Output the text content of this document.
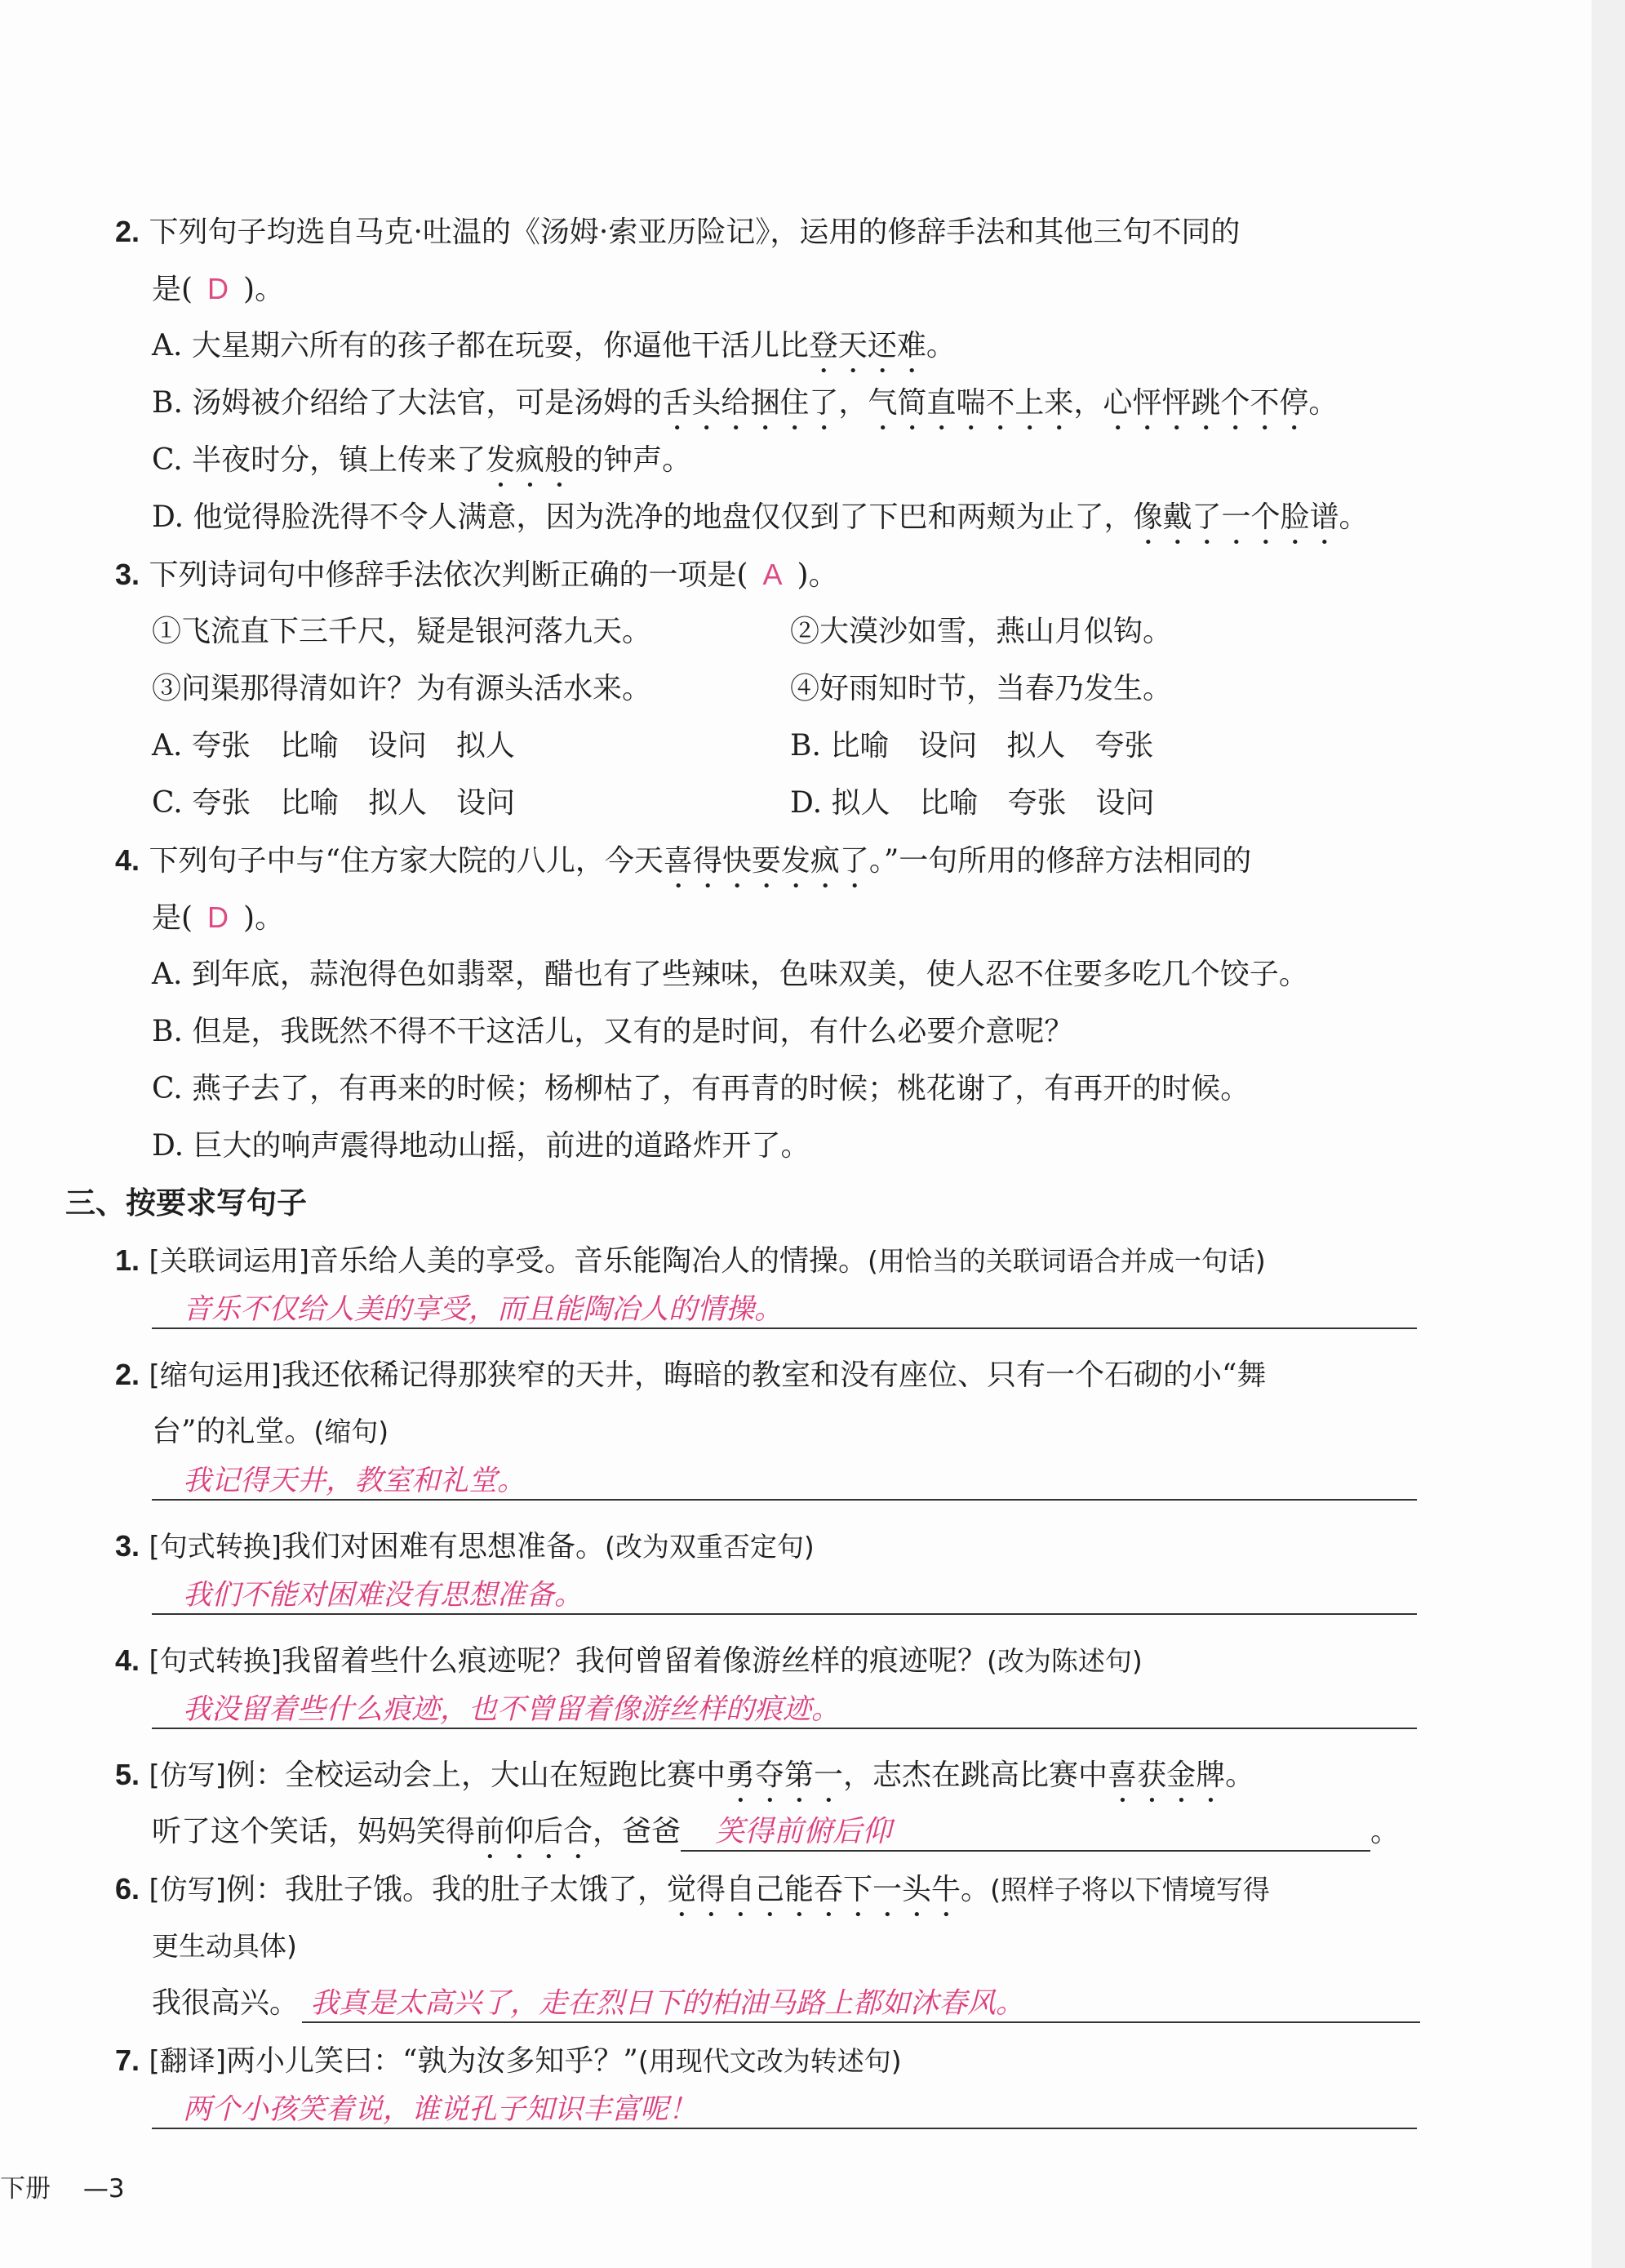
2. 下列句子均选自马克·吐温的《汤姆·索亚历险记》，运用的修辞手法和其他三句不同的
是( D )。
A. 大星期六所有的孩子都在玩耍，你逼他干活儿比登天还难。
B. 汤姆被介绍给了大法官，可是汤姆的舌头给捆住了，气简直喘不上来，心怦怦跳个不停。
C. 半夜时分，镇上传来了发疯般的钟声。
D. 他觉得脸洗得不令人满意，因为洗净的地盘仅仅到了下巴和两颊为止了，像戴了一个脸谱。
3. 下列诗词句中修辞手法依次判断正确的一项是( A )。
①飞流直下三千尺，疑是银河落九天。	②大漠沙如雪，燕山月似钩。
③问渠那得清如许？为有源头活水来。	④好雨知时节，当春乃发生。
A. 夸张　比喻　设问　拟人	B. 比喻　设问　拟人　夸张
C. 夸张　比喻　拟人　设问	D. 拟人　比喻　夸张　设问
4. 下列句子中与“住方家大院的八儿，今天喜得快要发疯了。”一句所用的修辞方法相同的
是( D )。
A. 到年底，蒜泡得色如翡翠，醋也有了些辣味，色味双美，使人忍不住要多吃几个饺子。
B. 但是，我既然不得不干这活儿，又有的是时间，有什么必要介意呢？
C. 燕子去了，有再来的时候；杨柳枯了，有再青的时候；桃花谢了，有再开的时候。
D. 巨大的响声震得地动山摇，前进的道路炸开了。
三、按要求写句子
1. [关联词运用]音乐给人美的享受。音乐能陶冶人的情操。(用恰当的关联词语合并成一句话)
音乐不仅给人美的享受，而且能陶冶人的情操。
2. [缩句运用]我还依稀记得那狭窄的天井，晦暗的教室和没有座位、只有一个石砌的小“舞
台”的礼堂。(缩句)
我记得天井，教室和礼堂。
3. [句式转换]我们对困难有思想准备。(改为双重否定句)
我们不能对困难没有思想准备。
4. [句式转换]我留着些什么痕迹呢？我何曾留着像游丝样的痕迹呢？(改为陈述句)
我没留着些什么痕迹，也不曾留着像游丝样的痕迹。
5. [仿写]例：全校运动会上，大山在短跑比赛中勇夺第一，志杰在跳高比赛中喜获金牌。
听了这个笑话，妈妈笑得前仰后合，爸爸 笑得前俯后仰	。
6. [仿写]例：我肚子饿。我的肚子太饿了，觉得自己能吞下一头牛。(照样子将以下情境写得
更生动具体)
我很高兴。 我真是太高兴了，走在烈日下的柏油马路上都如沐春风。
7. [翻译]两小儿笑曰：“孰为汝多知乎？”(用现代文改为转述句)
两个小孩笑着说，谁说孔子知识丰富呢！
下册 —3
